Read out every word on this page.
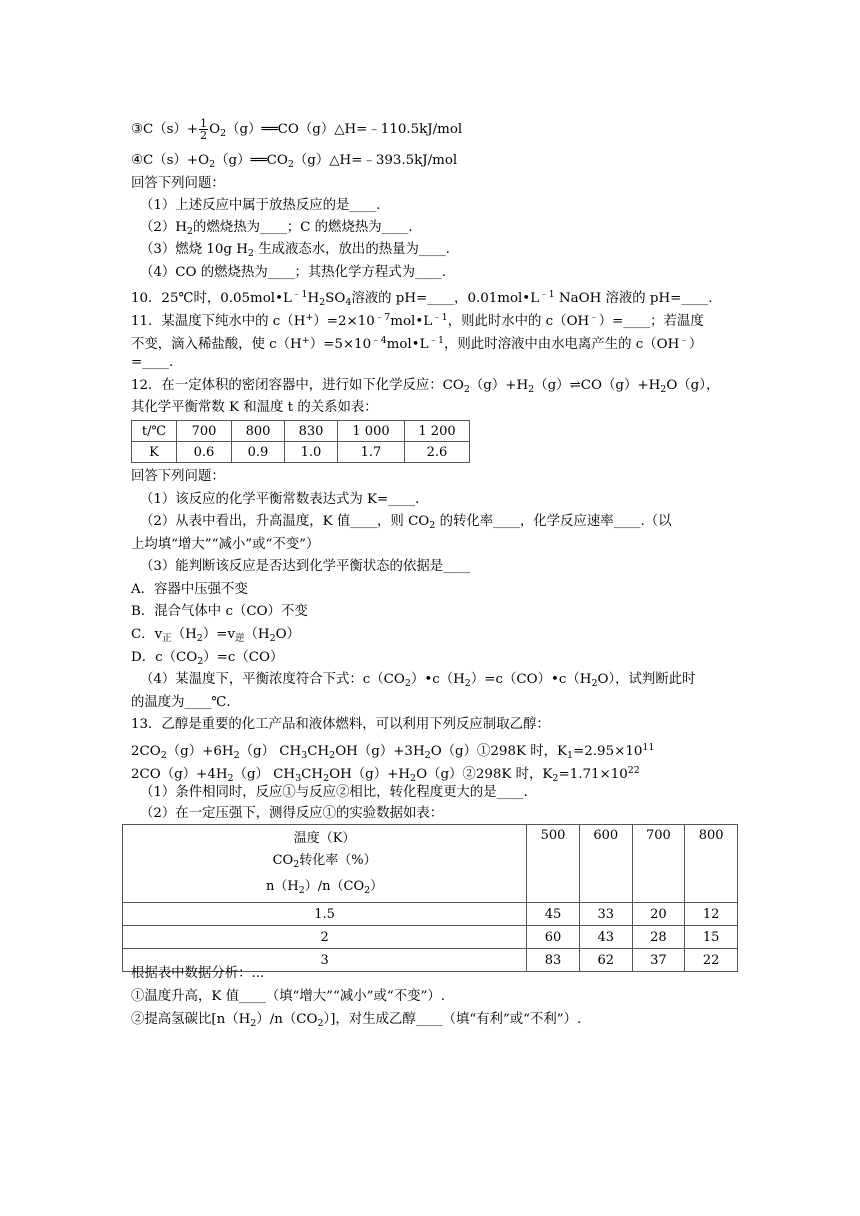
③C（s）+ $\frac{1}{2}$ $O_2(g)══CO(g)\triangle H=﹣110.5kJ$/mol
$④C(s)+O_2(g)══CO_2(g)\triangle H=﹣393.5kJ$/mol
回答下列问题：
（1）上述反应中属于放热反应的是____.
$(2)H_2$的燃烧热为____；C 的燃烧热为____.
（3）燃烧 10g $H_2$ 生成液态水，放出的热量为____.
（4）CO 的燃烧热为____；其热化学方程式为____.
10．25℃时，$0.05mol•L^{﹣1}H_2SO_4$溶液的 pH=____，$0.01mol•L^{﹣1}$ NaOH 溶液的 pH=____.
11．某温度下纯水中的 $c(H^+)=2\times 10^{﹣7}mol•L^{﹣1}$，则此时水中的 c（OH﹣）=____；若温度
不变，滴入稀盐酸，使 $c(H^+)=5\times 10^{﹣4}mol•L^{﹣1}$，则此时溶液中由水电离产生的 c（OH﹣）
=____.
12．在一定体积的密闭容器中，进行如下化学反应：$CO_2(g)+H_2(g)\rightleftharpoons CO(g)+H_2O(g)$，
其化学平衡常数 K 和温度 t 的关系如表：
t/℃	700	800	830	1 000	1 200
K	0.6	0.9	1.0	1.7	2.6
回答下列问题：
（1）该反应的化学平衡常数表达式为 K=____.
（2）从表中看出，升高温度，K 值____，则 $CO_2$ 的转化率____，化学反应速率____.（以
上均填“增大”“减小”或“不变”）
（3）能判断该反应是否达到化学平衡状态的依据是____
A．容器中压强不变
B．混合气体中 c（CO）不变
C．$v_正(H_2)=v_逆(H_2O)$
D．$c(CO_2)=c(CO)$
（4）某温度下，平衡浓度符合下式：$c(CO_2)•c(H_2)=c(CO)•c(H_2O)$，试判断此时
的温度为____℃.
13．乙醇是重要的化工产品和液体燃料，可以利用下列反应制取乙醇：
$2CO_2(g)+6H_2(g)$ $CH_3CH_2OH(g)+3H_2O(g)①298K$ 时，$K_1=2.95\times 10^{11}$
$2CO(g)+4H_2(g)$ $CH_3CH_2OH(g)+H_2O(g)②298K$ 时，$K_2=1.71\times 10^{22}$
（1）条件相同时，反应①与反应②相比，转化程度更大的是____.
（2）在一定压强下，测得反应①的实验数据如表：
温度（K）
$CO_2$转化率（%）
$n(H_2)/n(CO_2)$	500	600	700	800
1.5	45	33	20	12
2	60	43	28	15
3	83	62	37	22
根据表中数据分析：...
①温度升高，K 值____（填“增大”“减小”或“不变”）.
②提高氢碳比$[n(H_2)/n(CO_2)]$，对生成乙醇____（填“有利”或“不利”）.
